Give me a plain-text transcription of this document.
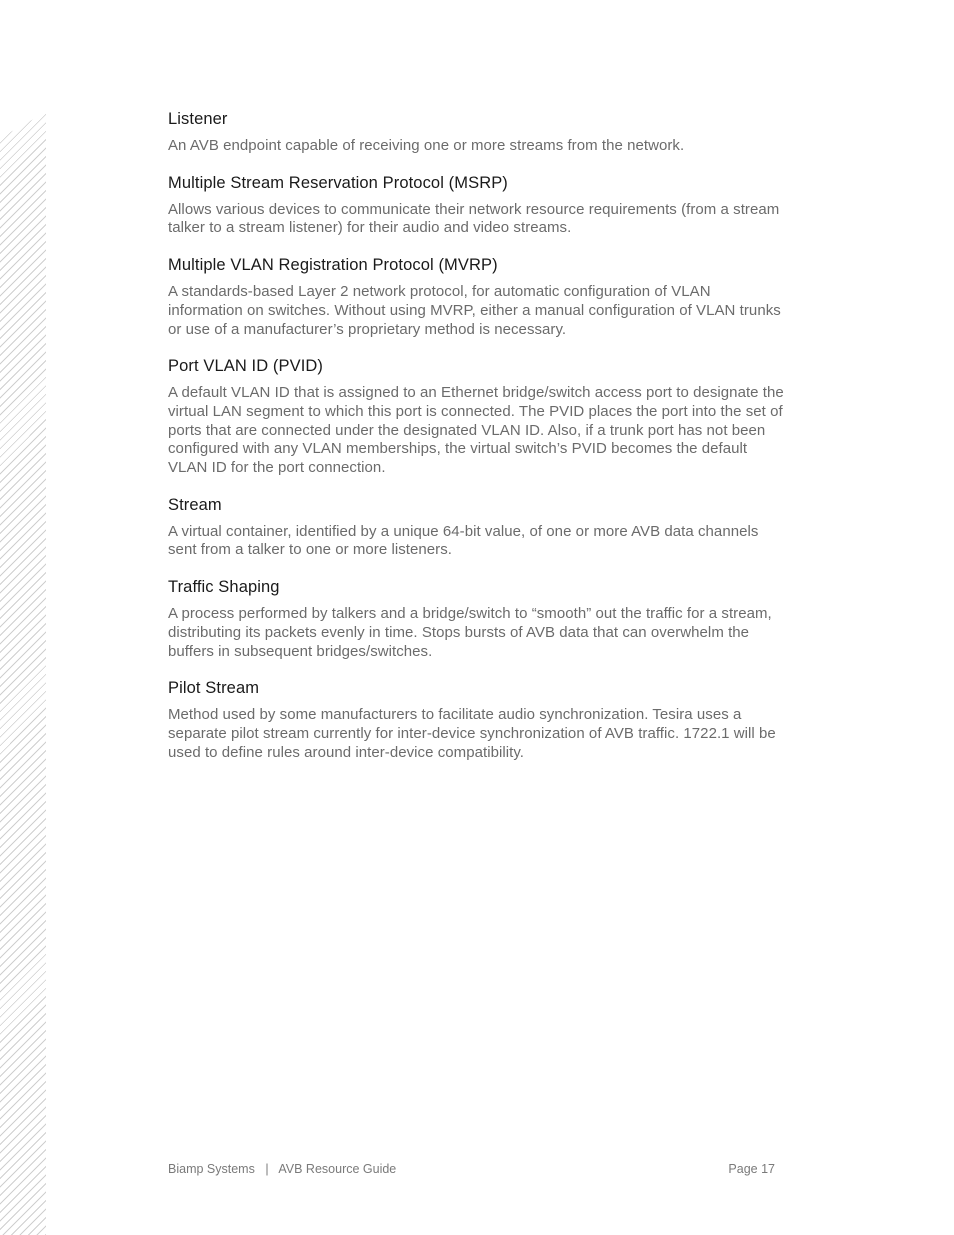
Listener

An AVB endpoint capable of receiving one or more streams from the network.

Multiple Stream Reservation Protocol (MSRP)

Allows various devices to communicate their network resource requirements (from a stream talker to a stream listener) for their audio and video streams.

Multiple VLAN Registration Protocol (MVRP)

A standards-based Layer 2 network protocol, for automatic configuration of VLAN information on switches. Without using MVRP, either a manual configuration of VLAN trunks or use of a manufacturer’s proprietary method is necessary.

Port VLAN ID (PVID)

A default VLAN ID that is assigned to an Ethernet bridge/switch access port to designate the virtual LAN segment to which this port is connected. The PVID places the port into the set of ports that are connected under the designated VLAN ID. Also, if a trunk port has not been configured with any VLAN memberships, the virtual switch’s PVID becomes the default VLAN ID for the port connection.

Stream

A virtual container, identified by a unique 64-bit value, of one or more AVB data channels sent from a talker to one or more listeners.

Traffic Shaping

A process performed by talkers and a bridge/switch to “smooth” out the traffic for a stream, distributing its packets evenly in time. Stops bursts of AVB data that can overwhelm the buffers in subsequent bridges/switches.

Pilot Stream

Method used by some manufacturers to facilitate audio synchronization. Tesira uses a separate pilot stream currently for inter-device synchronization of AVB traffic. 1722.1 will be used to define rules around inter-device compatibility.

Biamp Systems | AVB Resource Guide	Page 17
